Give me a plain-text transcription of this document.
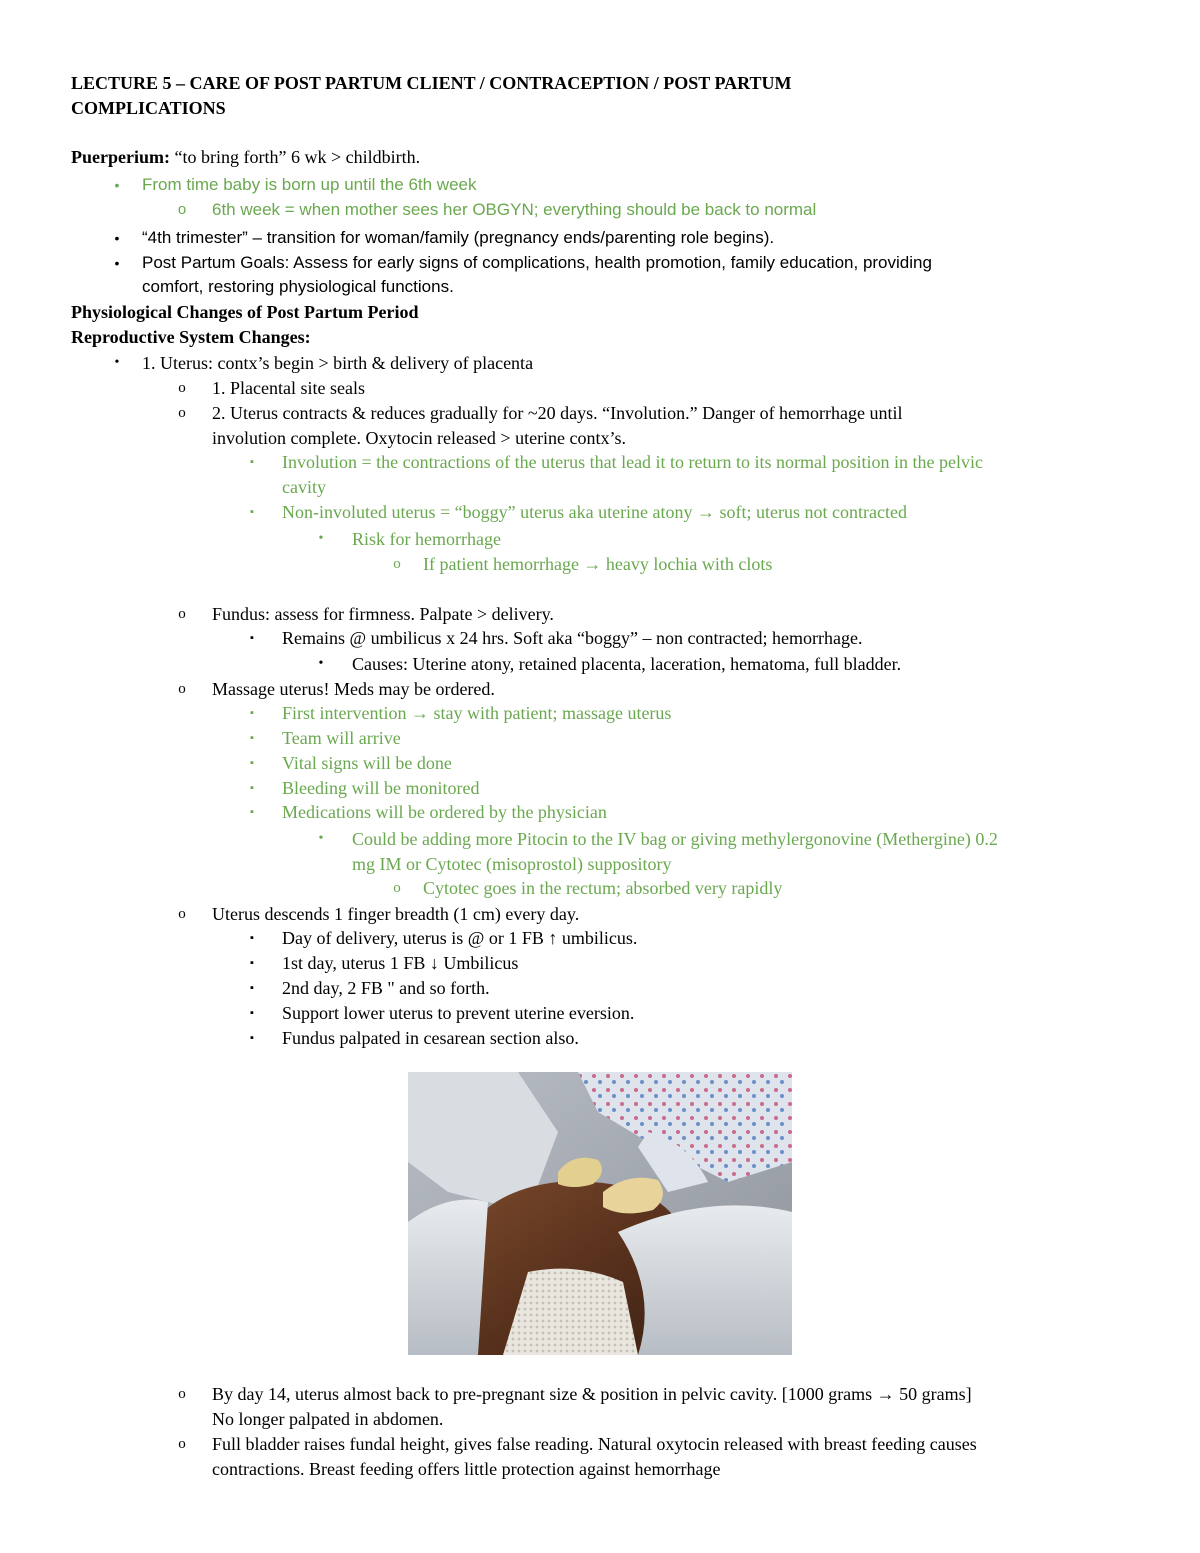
LECTURE 5 – CARE OF POST PARTUM CLIENT / CONTRACEPTION / POST PARTUM
COMPLICATIONS
Puerperium: “to bring forth” 6 wk > childbirth.
•	From time baby is born up until the 6th week
o	6th week = when mother sees her OBGYN; everything should be back to normal
•	“4th trimester” – transition for woman/family (pregnancy ends/parenting role begins).
•	Post Partum Goals: Assess for early signs of complications, health promotion, family education, providing
comfort, restoring physiological functions.
Physiological Changes of Post Partum Period
Reproductive System Changes:
•	1. Uterus: contx’s begin > birth & delivery of placenta
o	1. Placental site seals
o	2. Uterus contracts & reduces gradually for ~20 days. “Involution.” Danger of hemorrhage until
involution complete. Oxytocin released > uterine contx’s.
▪	Involution = the contractions of the uterus that lead it to return to its normal position in the pelvic
cavity
▪	Non-involuted uterus = “boggy” uterus aka uterine atony → soft; uterus not contracted
•	Risk for hemorrhage
o	If patient hemorrhage → heavy lochia with clots
o	Fundus: assess for firmness. Palpate > delivery.
▪	Remains @ umbilicus x 24 hrs. Soft aka “boggy” – non contracted; hemorrhage.
•	Causes: Uterine atony, retained placenta, laceration, hematoma, full bladder.
o	Massage uterus! Meds may be ordered.
▪	First intervention → stay with patient; massage uterus
▪	Team will arrive
▪	Vital signs will be done
▪	Bleeding will be monitored
▪	Medications will be ordered by the physician
•	Could be adding more Pitocin to the IV bag or giving methylergonovine (Methergine) 0.2
mg IM or Cytotec (misoprostol) suppository
o	Cytotec goes in the rectum; absorbed very rapidly
o	Uterus descends 1 finger breadth (1 cm) every day.
▪	Day of delivery, uterus is @ or 1 FB ↑ umbilicus.
▪	1st day, uterus 1 FB ↓ Umbilicus
▪	2nd day, 2 FB " and so forth.
▪	Support lower uterus to prevent uterine eversion.
▪	Fundus palpated in cesarean section also.
o	By day 14, uterus almost back to pre-pregnant size & position in pelvic cavity. [1000 grams → 50 grams]
No longer palpated in abdomen.
o	Full bladder raises fundal height, gives false reading. Natural oxytocin released with breast feeding causes
contractions. Breast feeding offers little protection against hemorrhage
